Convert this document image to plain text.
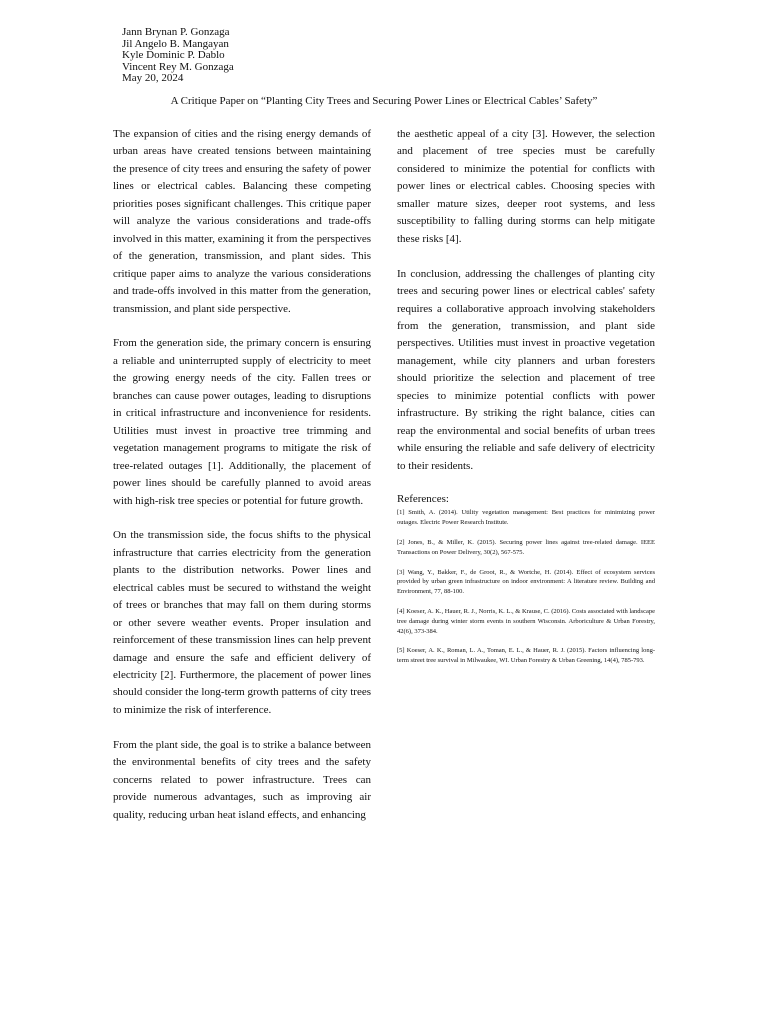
Jann Brynan P. Gonzaga
Jil Angelo B. Mangayan
Kyle Dominic P. Dablo
Vincent Rey M. Gonzaga
May 20, 2024
A Critique Paper on “Planting City Trees and Securing Power Lines or Electrical Cables’ Safety”

The expansion of cities and the rising energy demands of urban areas have created tensions between maintaining the presence of city trees and ensuring the safety of power lines or electrical cables. Balancing these competing priorities poses significant challenges. This critique paper will analyze the various considerations and trade-offs involved in this matter, examining it from the perspectives of the generation, transmission, and plant sides. This critique paper aims to analyze the various considerations and trade-offs involved in this matter from the generation, transmission, and plant side perspective.

From the generation side, the primary concern is ensuring a reliable and uninterrupted supply of electricity to meet the growing energy needs of the city. Fallen trees or branches can cause power outages, leading to disruptions in critical infrastructure and inconvenience for residents. Utilities must invest in proactive tree trimming and vegetation management programs to mitigate the risk of tree-related outages [1]. Additionally, the placement of power lines should be carefully planned to avoid areas with high-risk tree species or potential for future growth.

On the transmission side, the focus shifts to the physical infrastructure that carries electricity from the generation plants to the distribution networks. Power lines and electrical cables must be secured to withstand the weight of trees or branches that may fall on them during storms or other severe weather events. Proper insulation and reinforcement of these transmission lines can help prevent damage and ensure the safe and efficient delivery of electricity [2]. Furthermore, the placement of power lines should consider the long-term growth patterns of city trees to minimize the risk of interference.

From the plant side, the goal is to strike a balance between the environmental benefits of city trees and the safety concerns related to power infrastructure. Trees can provide numerous advantages, such as improving air quality, reducing urban heat island effects, and enhancing

the aesthetic appeal of a city [3]. However, the selection and placement of tree species must be carefully considered to minimize the potential for conflicts with power lines or electrical cables. Choosing species with smaller mature sizes, deeper root systems, and less susceptibility to falling during storms can help mitigate these risks [4].

In conclusion, addressing the challenges of planting city trees and securing power lines or electrical cables' safety requires a collaborative approach involving stakeholders from the generation, transmission, and plant side perspectives. Utilities must invest in proactive vegetation management, while city planners and urban foresters should prioritize the selection and placement of tree species to minimize potential conflicts with power infrastructure. By striking the right balance, cities can reap the environmental and social benefits of urban trees while ensuring the reliable and safe delivery of electricity to their residents.

References:
[1] Smith, A. (2014). Utility vegetation management: Best practices for minimizing power outages. Electric Power Research Institute.
[2] Jones, B., & Miller, K. (2015). Securing power lines against tree-related damage. IEEE Transactions on Power Delivery, 30(2), 567-575.
[3] Wang, Y., Bakker, F., de Groot, R., & Wortche, H. (2014). Effect of ecosystem services provided by urban green infrastructure on indoor environment: A literature review. Building and Environment, 77, 88-100.
[4] Koeser, A. K., Hauer, R. J., Norris, K. L., & Krause, C. (2016). Costs associated with landscape tree damage during winter storm events in southern Wisconsin. Arboriculture & Urban Forestry, 42(6), 373-384.
[5] Koeser, A. K., Roman, L. A., Toman, E. L., & Hauer, R. J. (2015). Factors influencing long-term street tree survival in Milwaukee, WI. Urban Forestry & Urban Greening, 14(4), 785-793.
